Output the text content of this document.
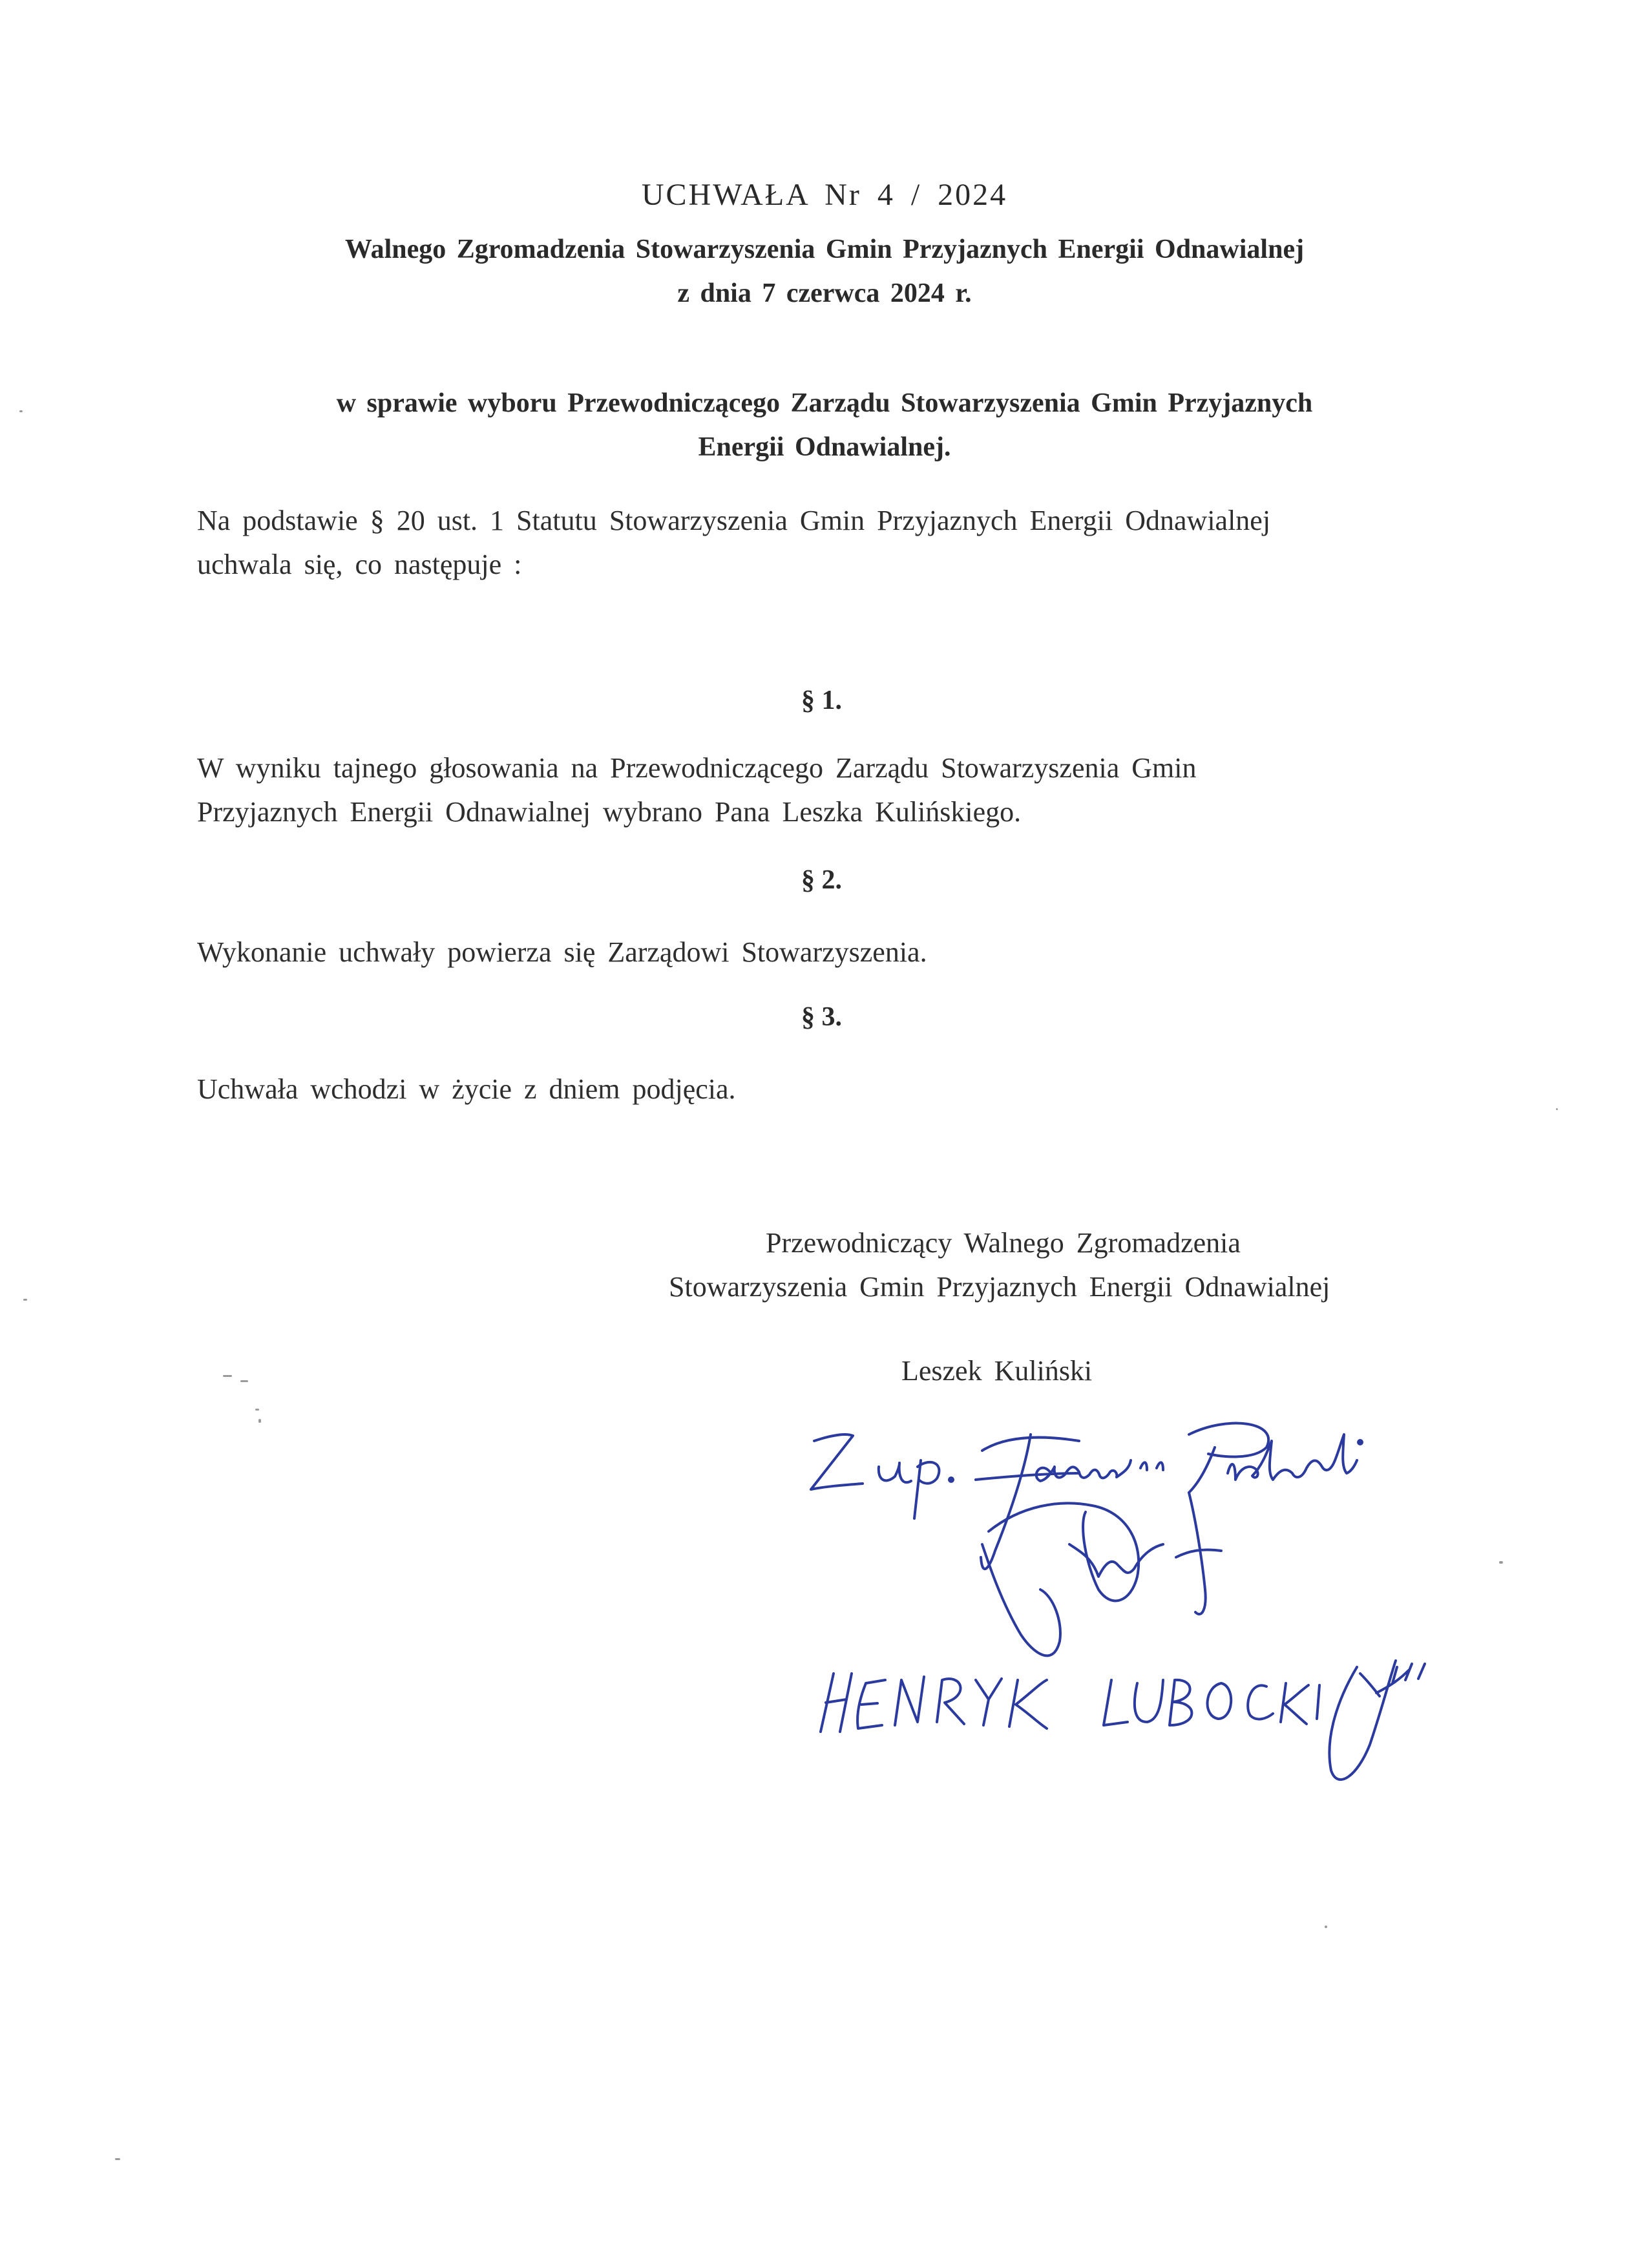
UCHWAŁA Nr 4 / 2024
Walnego Zgromadzenia Stowarzyszenia Gmin Przyjaznych Energii Odnawialnej
z dnia 7 czerwca 2024 r.
w sprawie wyboru Przewodniczącego Zarządu Stowarzyszenia Gmin Przyjaznych
Energii Odnawialnej.
Na podstawie § 20 ust. 1 Statutu Stowarzyszenia Gmin Przyjaznych Energii Odnawialnej
uchwala się, co następuje :
§ 1.
W wyniku tajnego głosowania na Przewodniczącego Zarządu Stowarzyszenia Gmin
Przyjaznych Energii Odnawialnej wybrano Pana Leszka Kulińskiego.
§ 2.
Wykonanie uchwały powierza się Zarządowi Stowarzyszenia.
§ 3.
Uchwała wchodzi w życie z dniem podjęcia.
Przewodniczący Walnego Zgromadzenia
Stowarzyszenia Gmin Przyjaznych Energii Odnawialnej
Leszek Kuliński
